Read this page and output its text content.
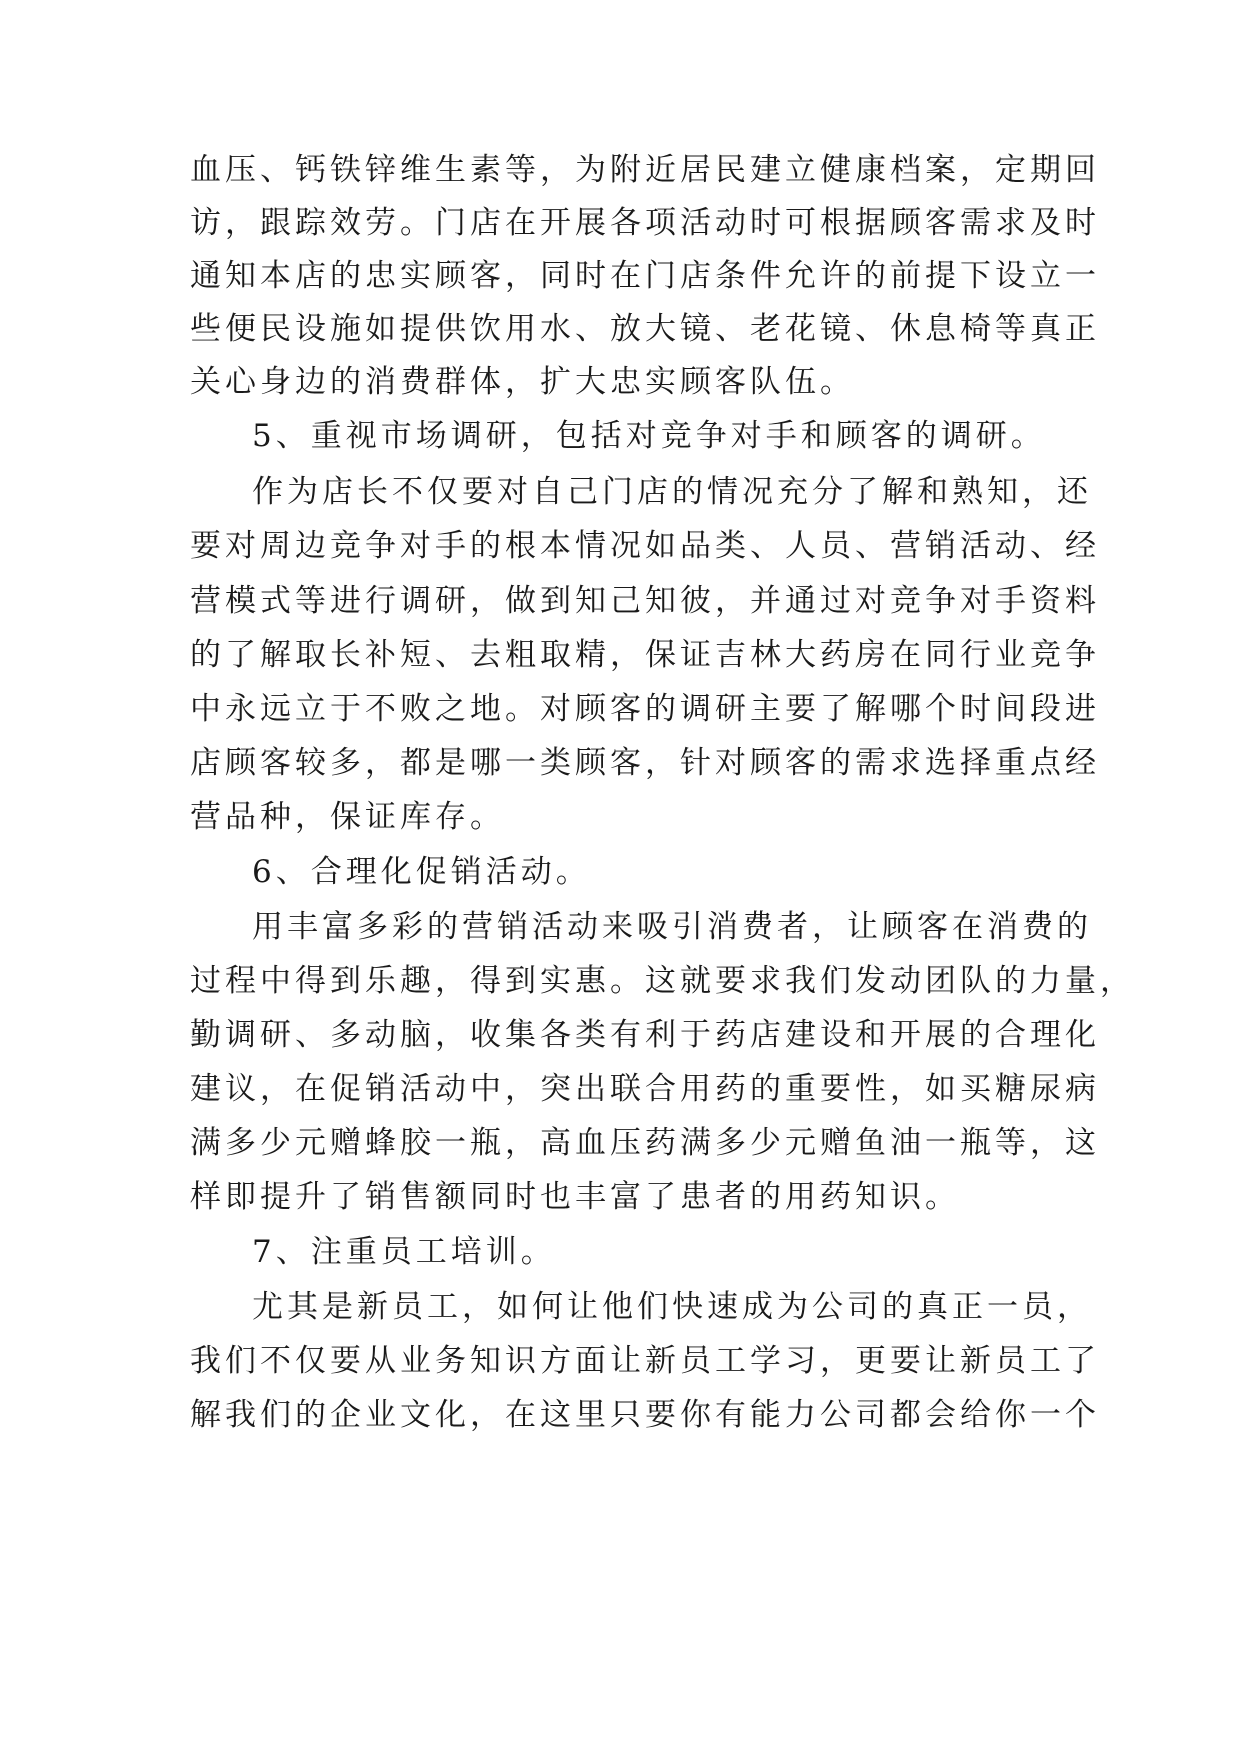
血压、钙铁锌维生素等，为附近居民建立健康档案，定期回
访，跟踪效劳。门店在开展各项活动时可根据顾客需求及时
通知本店的忠实顾客，同时在门店条件允许的前提下设立一
些便民设施如提供饮用水、放大镜、老花镜、休息椅等真正
关心身边的消费群体，扩大忠实顾客队伍。
5、重视市场调研，包括对竞争对手和顾客的调研。
作为店长不仅要对自己门店的情况充分了解和熟知，还
要对周边竞争对手的根本情况如品类、人员、营销活动、经
营模式等进行调研，做到知己知彼，并通过对竞争对手资料
的了解取长补短、去粗取精，保证吉林大药房在同行业竞争
中永远立于不败之地。对顾客的调研主要了解哪个时间段进
店顾客较多，都是哪一类顾客，针对顾客的需求选择重点经
营品种，保证库存。
6、合理化促销活动。
用丰富多彩的营销活动来吸引消费者，让顾客在消费的
过程中得到乐趣，得到实惠。这就要求我们发动团队的力量，
勤调研、多动脑，收集各类有利于药店建设和开展的合理化
建议，在促销活动中，突出联合用药的重要性，如买糖尿病
满多少元赠蜂胶一瓶，高血压药满多少元赠鱼油一瓶等，这
样即提升了销售额同时也丰富了患者的用药知识。
7、注重员工培训。
尤其是新员工，如何让他们快速成为公司的真正一员，
我们不仅要从业务知识方面让新员工学习，更要让新员工了
解我们的企业文化，在这里只要你有能力公司都会给你一个
